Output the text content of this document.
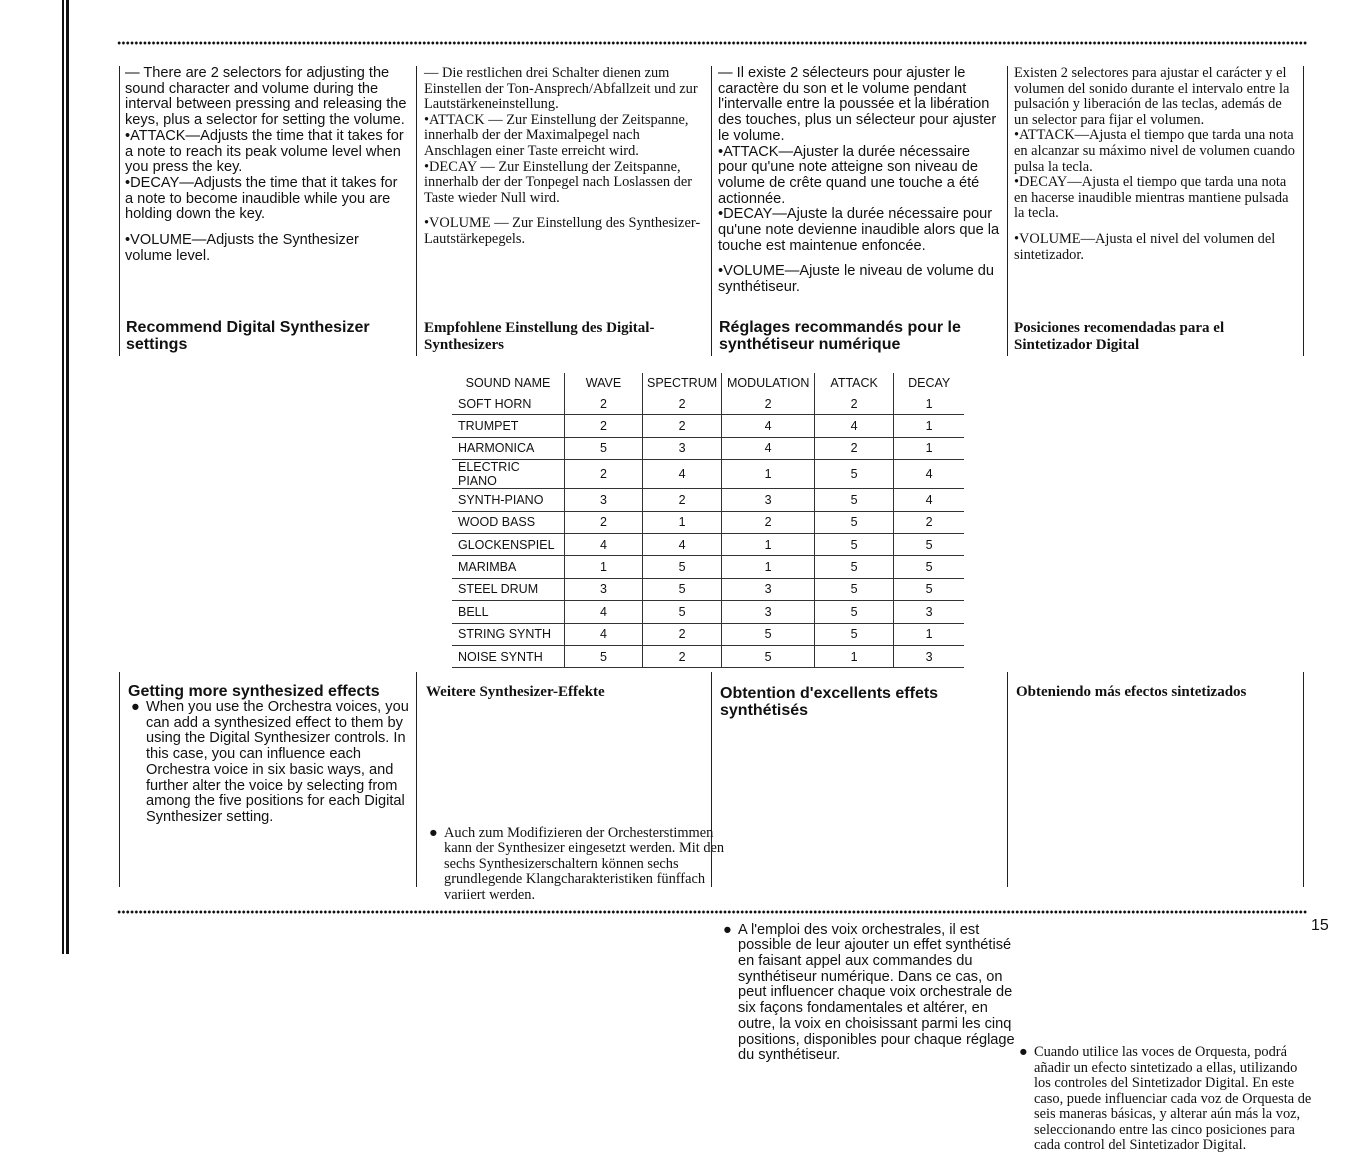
— There are 2 selectors for adjusting the sound character and volume during the interval between pressing and releasing the keys, plus a selector for setting the volume.

•ATTACK—Adjusts the time that it takes for a note to reach its peak volume level when you press the key.

•DECAY—Adjusts the time that it takes for a note to become inaudible while you are holding down the key.

•VOLUME—Adjusts the Synthesizer volume level.

Recommend Digital Synthesizer settings

— Die restlichen drei Schalter dienen zum Einstellen der Ton-Ansprech/Abfallzeit und zur Lautstärkeneinstellung.

•ATTACK — Zur Einstellung der Zeitspanne, innerhalb der der Maximalpegel nach Anschlagen einer Taste erreicht wird.

•DECAY — Zur Einstellung der Zeitspanne, innerhalb der der Tonpegel nach Loslassen der Taste wieder Null wird.

•VOLUME — Zur Einstellung des Synthesizer-Lautstärkepegels.

Empfohlene Einstellung des Digital-Synthesizers

— Il existe 2 sélecteurs pour ajuster le caractère du son et le volume pendant l'intervalle entre la poussée et la libération des touches, plus un sélecteur pour ajuster le volume.

•ATTACK—Ajuster la durée nécessaire pour qu'une note atteigne son niveau de volume de crête quand une touche a été actionnée.

•DECAY—Ajuste la durée nécessaire pour qu'une note devienne inaudible alors que la touche est maintenue enfoncée.

•VOLUME—Ajuste le niveau de volume du synthétiseur.

Réglages recommandés pour le synthétiseur numérique

Existen 2 selectores para ajustar el carácter y el volumen del sonido durante el intervalo entre la pulsación y liberación de las teclas, además de un selector para fijar el volumen.

•ATTACK—Ajusta el tiempo que tarda una nota en alcanzar su máximo nivel de volumen cuando pulsa la tecla.

•DECAY—Ajusta el tiempo que tarda una nota en hacerse inaudible mientras mantiene pulsada la tecla.

•VOLUME—Ajusta el nivel del volumen del sintetizador.

Posiciones recomendadas para el Sintetizador Digital
SOUND NAME	WAVE	SPECTRUM	MODULATION	ATTACK	DECAY
SOFT HORN	2	2	2	2	1
TRUMPET	2	2	4	4	1
HARMONICA	5	3	4	2	1
ELECTRIC PIANO	2	4	1	5	4
SYNTH-PIANO	3	2	3	5	4
WOOD BASS	2	1	2	5	2
GLOCKENSPIEL	4	4	1	5	5
MARIMBA	1	5	1	5	5
STEEL DRUM	3	5	3	5	5
BELL	4	5	3	5	3
STRING SYNTH	4	2	5	5	1
NOISE SYNTH	5	2	5	1	3
Getting more synthesized effects
● When you use the Orchestra voices, you can add a synthesized effect to them by using the Digital Synthesizer controls. In this case, you can influence each Orchestra voice in six basic ways, and further alter the voice by selecting from among the five positions for each Digital Synthesizer setting.

Weitere Synthesizer-Effekte
● Auch zum Modifizieren der Orchesterstimmen kann der Synthesizer eingesetzt werden. Mit den sechs Synthesizerschaltern können sechs grundlegende Klangcharakteristiken fünffach variiert werden.

Obtention d'excellents effets synthétisés
● A l'emploi des voix orchestrales, il est possible de leur ajouter un effet synthétisé en faisant appel aux commandes du synthétiseur numérique. Dans ce cas, on peut influencer chaque voix orchestrale de six façons fondamentales et altérer, en outre, la voix en choisissant parmi les cinq positions, disponibles pour chaque réglage du synthétiseur.

Obteniendo más efectos sintetizados
● Cuando utilice las voces de Orquesta, podrá añadir un efecto sintetizado a ellas, utilizando los controles del Sintetizador Digital. En este caso, puede influenciar cada voz de Orquesta de seis maneras básicas, y alterar aún más la voz, seleccionando entre las cinco posiciones para cada control del Sintetizador Digital.

15
